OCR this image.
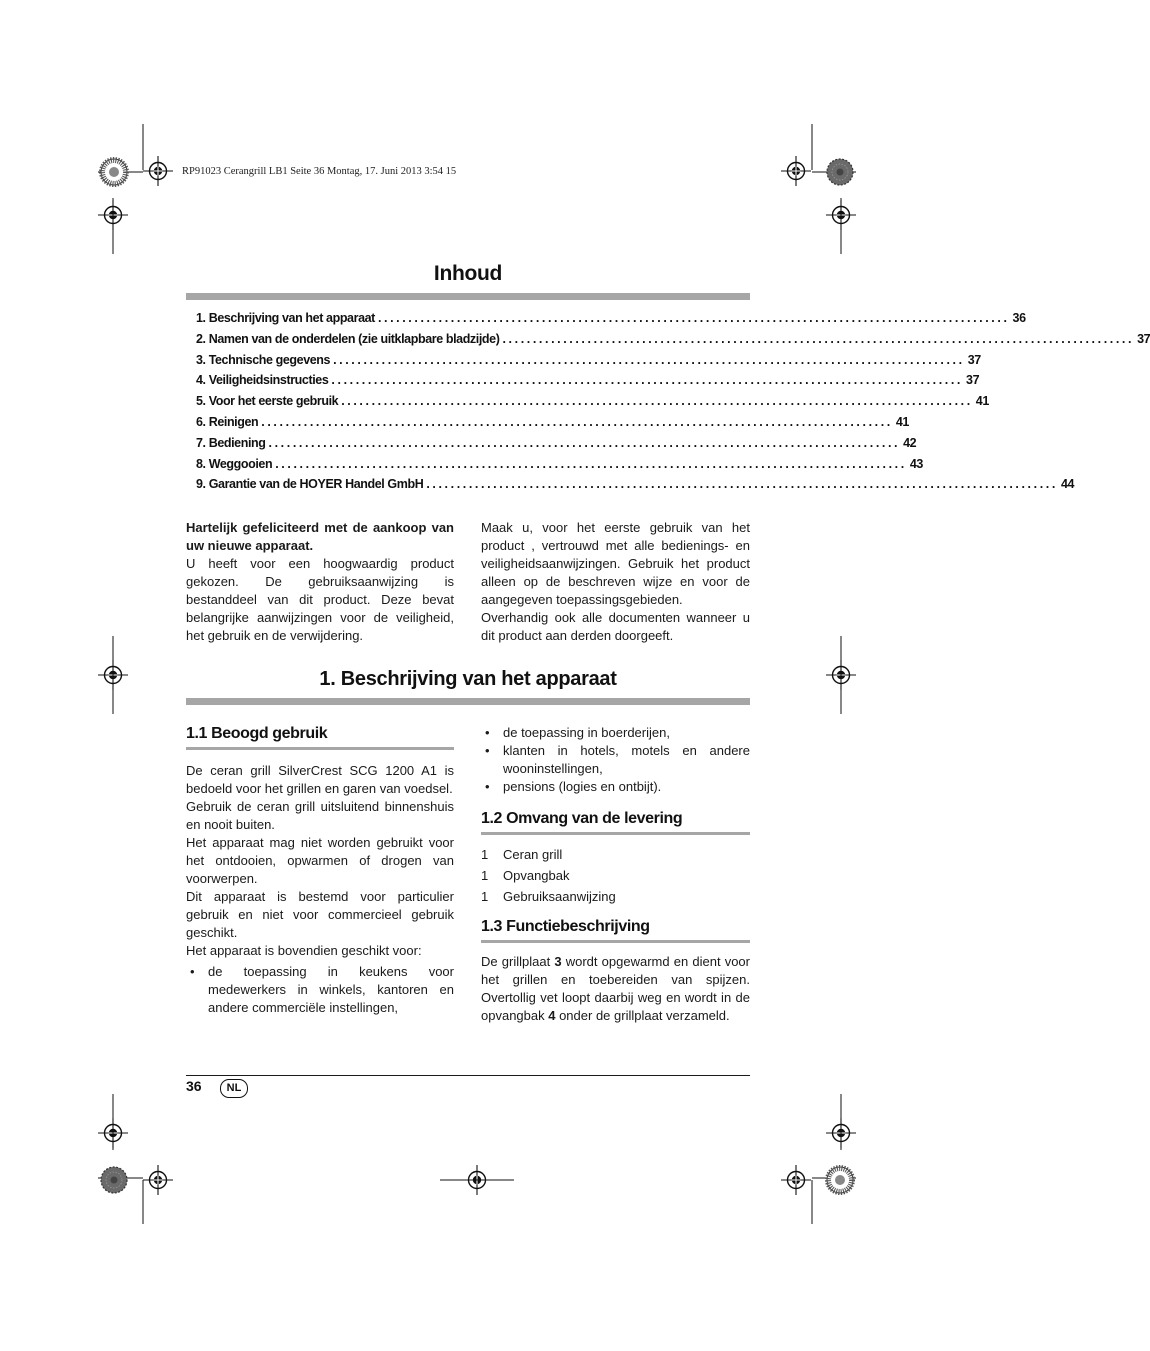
RP91023 Cerangrill LB1 Seite 36 Montag, 17. Juni 2013 3:54 15
Inhoud
1. Beschrijving van het apparaat ........................................................................................................ 36
2. Namen van de onderdelen (zie uitklapbare bladzijde) ........................................................................................................ 37
3. Technische gegevens ........................................................................................................ 37
4. Veiligheidsinstructies ........................................................................................................ 37
5. Voor het eerste gebruik ........................................................................................................ 41
6. Reinigen ........................................................................................................ 41
7. Bediening ........................................................................................................ 42
8. Weggooien ........................................................................................................ 43
9. Garantie van de HOYER Handel GmbH ........................................................................................................ 44

Hartelijk gefeliciteerd met de aankoop van uw nieuwe apparaat.

U heeft voor een hoogwaardig product gekozen. De gebruiksaanwijzing is bestanddeel van dit product. Deze bevat belangrijke aanwijzingen voor de veiligheid, het gebruik en de verwijdering.

Maak u, voor het eerste gebruik van het product , vertrouwd met alle bedienings- en veiligheidsaanwijzingen. Gebruik het product alleen op de beschreven wijze en voor de aangegeven toepassingsgebieden.

Overhandig ook alle documenten wanneer u dit product aan derden doorgeeft.

1. Beschrijving van het apparaat
1.1 Beoogd gebruik

De ceran grill SilverCrest SCG 1200 A1 is bedoeld voor het grillen en garen van voedsel.

Gebruik de ceran grill uitsluitend binnenshuis en nooit buiten.

Het apparaat mag niet worden gebruikt voor het ontdooien, opwarmen of drogen van voorwerpen.

Dit apparaat is bestemd voor particulier gebruik en niet voor commercieel gebruik geschikt.

Het apparaat is bovendien geschikt voor:

• de toepassing in keukens voor medewerkers in winkels, kantoren en andere commerciële instellingen,
• de toepassing in boerderijen,
• klanten in hotels, motels en andere wooninstellingen,
• pensions (logies en ontbijt).
1.2 Omvang van de levering
1	Ceran grill
1	Opvangbak
1	Gebruiksaanwijzing
1.3 Functiebeschrijving

De grillplaat 3 wordt opgewarmd en dient voor het grillen en toebereiden van spijzen. Overtollig vet loopt daarbij weg en wordt in de opvangbak 4 onder de grillplaat verzameld.

36	NL
